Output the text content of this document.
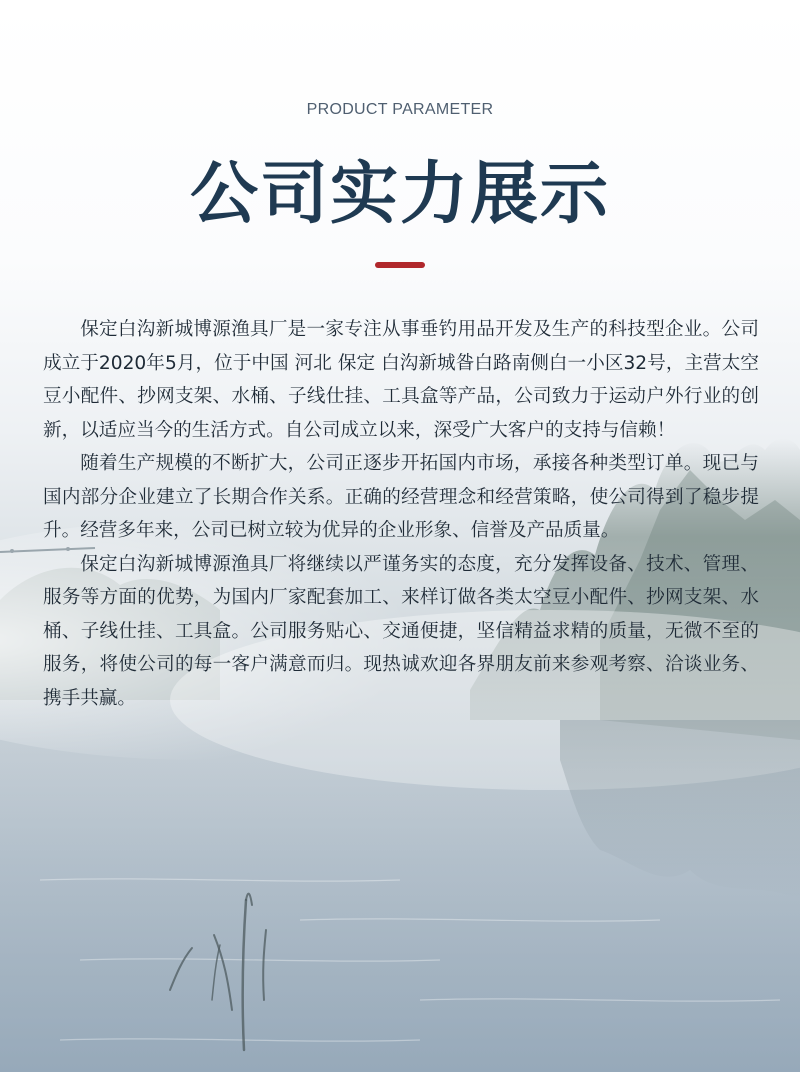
PRODUCT PARAMETER
公司实力展示

保定白沟新城博源渔具厂是一家专注从事垂钓用品开发及生产的科技型企业。公司成立于2020年5月，位于中国 河北 保定 白沟新城昝白路南侧白一小区32号，主营太空豆小配件、抄网支架、水桶、子线仕挂、工具盒等产品，公司致力于运动户外行业的创新，以适应当今的生活方式。自公司成立以来，深受广大客户的支持与信赖！

随着生产规模的不断扩大，公司正逐步开拓国内市场，承接各种类型订单。现已与国内部分企业建立了长期合作关系。正确的经营理念和经营策略，使公司得到了稳步提升。经营多年来，公司已树立较为优异的企业形象、信誉及产品质量。

保定白沟新城博源渔具厂将继续以严谨务实的态度，充分发挥设备、技术、管理、服务等方面的优势，为国内厂家配套加工、来样订做各类太空豆小配件、抄网支架、水桶、子线仕挂、工具盒。公司服务贴心、交通便捷，坚信精益求精的质量，无微不至的服务，将使公司的每一客户满意而归。现热诚欢迎各界朋友前来参观考察、洽谈业务、携手共赢。
